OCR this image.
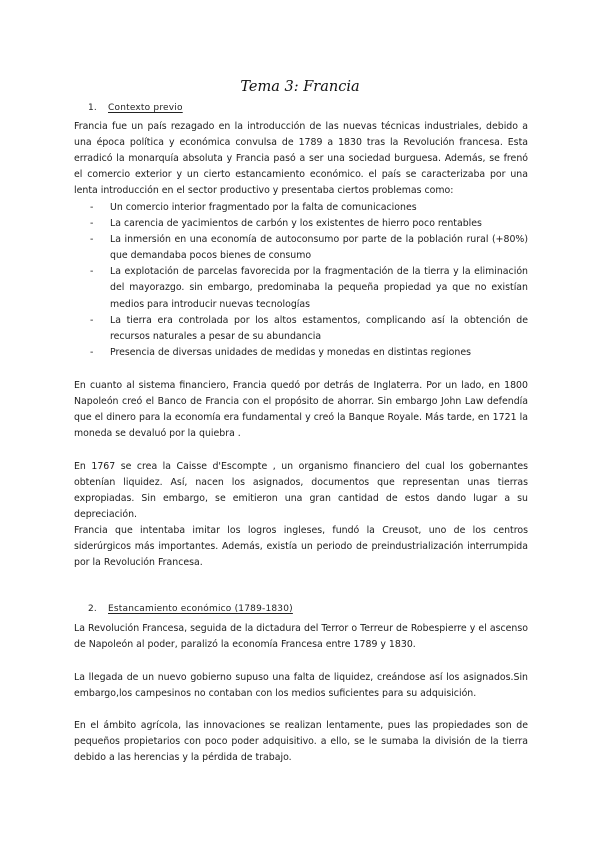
Tema 3: Francia
1. Contexto previo
Francia fue un país rezagado en la introducción de las nuevas técnicas industriales, debido a una época política y económica convulsa de 1789 a 1830 tras la Revolución francesa. Esta erradicó la monarquía absoluta y Francia pasó a ser una sociedad burguesa. Además, se frenó el comercio exterior y un cierto estancamiento económico. el país se caracterizaba por una lenta introducción en el sector productivo y presentaba ciertos problemas como:
- Un comercio interior fragmentado por la falta de comunicaciones
- La carencia de yacimientos de carbón y los existentes de hierro poco rentables
- La inmersión en una economía de autoconsumo por parte de la población rural (+80%) que demandaba pocos bienes de consumo
- La explotación de parcelas favorecida por la fragmentación de la tierra y la eliminación del mayorazgo. sin embargo, predominaba la pequeña propiedad ya que no existían medios para introducir nuevas tecnologías
- La tierra era controlada por los altos estamentos, complicando así la obtención de recursos naturales a pesar de su abundancia
- Presencia de diversas unidades de medidas y monedas en distintas regiones
En cuanto al sistema financiero, Francia quedó por detrás de Inglaterra. Por un lado, en 1800 Napoleón creó el Banco de Francia con el propósito de ahorrar. Sin embargo John Law defendía que el dinero para la economía era fundamental y creó la Banque Royale. Más tarde, en 1721 la moneda se devaluó por la quiebra .
En 1767 se crea la Caisse d'Escompte , un organismo financiero del cual los gobernantes obtenían liquidez. Así, nacen los asignados, documentos que representan unas tierras expropiadas. Sin embargo, se emitieron una gran cantidad de estos dando lugar a su depreciación.
Francia que intentaba imitar los logros ingleses, fundó la Creusot, uno de los centros siderúrgicos más importantes. Además, existía un periodo de preindustrialización interrumpida por la Revolución Francesa.
2. Estancamiento económico (1789-1830)
La Revolución Francesa, seguida de la dictadura del Terror o Terreur de Robespierre y el ascenso de Napoleón al poder, paralizó la economía Francesa entre 1789 y 1830.
La llegada de un nuevo gobierno supuso una falta de liquidez, creándose así los asignados.Sin embargo,los campesinos no contaban con los medios suficientes para su adquisición.
En el ámbito agrícola, las innovaciones se realizan lentamente, pues las propiedades son de pequeños propietarios con poco poder adquisitivo. a ello, se le sumaba la división de la tierra debido a las herencias y la pérdida de trabajo.
